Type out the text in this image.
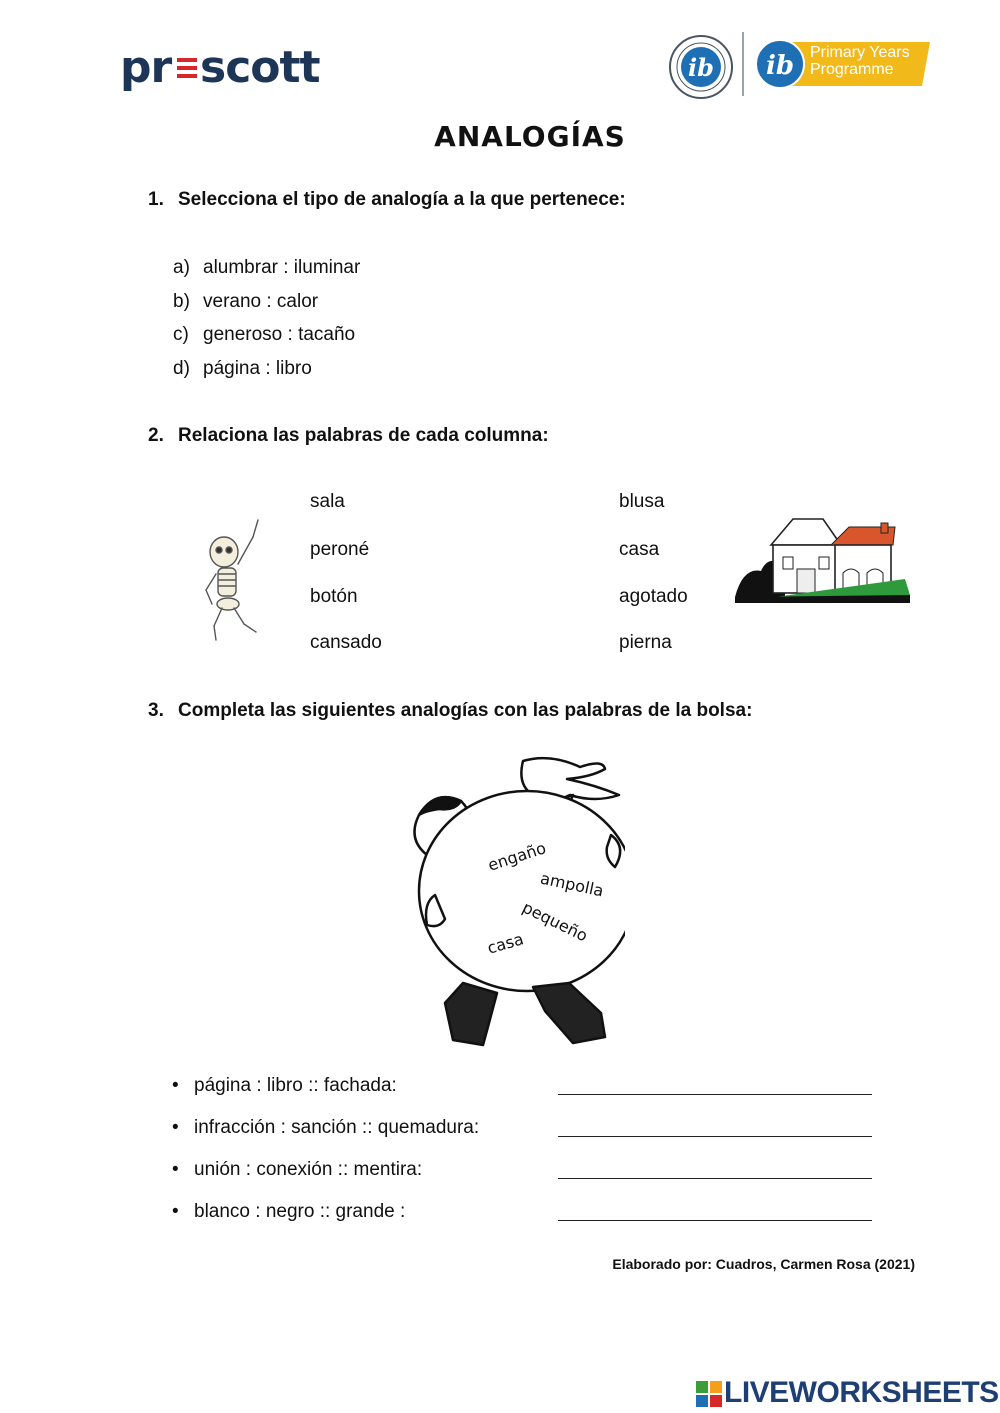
pr scott	ib ib Primary Years
Programme
ANALOGÍAS
1. Selecciona el tipo de analogía a la que pertenece:
a) alumbrar : iluminar
b) verano : calor
c) generoso : tacaño
d) página : libro
2. Relaciona las palabras de cada columna:
sala
peroné
botón
cansado
blusa
casa
agotado
pierna
3. Completa las siguientes analogías con las palabras de la bolsa:
engaño
ampolla
pequeño
casa
• página : libro :: fachada:
• infracción : sanción :: quemadura:
• unión : conexión :: mentira:
• blanco : negro :: grande :
Elaborado por: Cuadros, Carmen Rosa (2021)
LIVEWORKSHEETS
